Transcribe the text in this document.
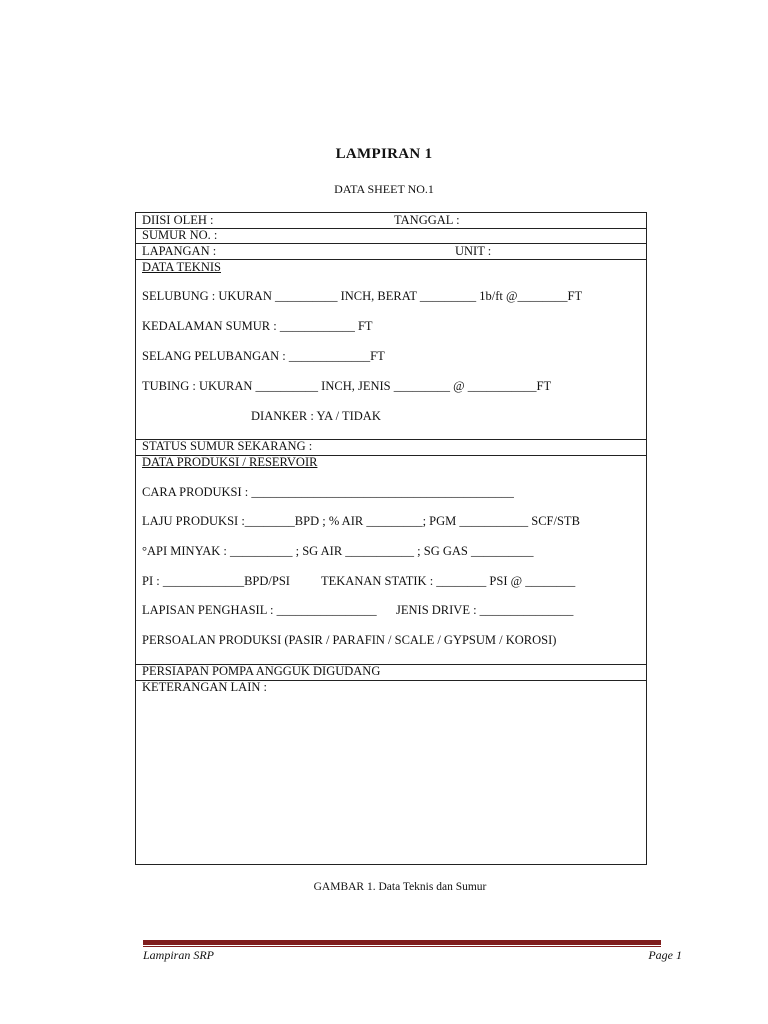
LAMPIRAN 1
DATA SHEET NO.1
DIISI OLEH :	TANGGAL :
SUMUR NO. :
LAPANGAN :	UNIT :
DATA TEKNIS
SELUBUNG : UKURAN __________ INCH, BERAT _________ 1b/ft @________FT
KEDALAMAN SUMUR : ____________ FT
SELANG PELUBANGAN : _____________FT
TUBING : UKURAN __________ INCH, JENIS _________ @ ___________FT
DIANKER : YA / TIDAK
STATUS SUMUR SEKARANG :
DATA PRODUKSI / RESERVOIR
CARA PRODUKSI : __________________________________________
LAJU PRODUKSI :________BPD ; % AIR _________; PGM ___________ SCF/STB
°API MINYAK : __________ ; SG AIR ___________ ; SG GAS __________
PI : _____________BPD/PSI TEKANAN STATIK : ________ PSI @ ________
LAPISAN PENGHASIL : ________________ JENIS DRIVE : _______________
PERSOALAN PRODUKSI (PASIR / PARAFIN / SCALE / GYPSUM / KOROSI)
PERSIAPAN POMPA ANGGUK DIGUDANG
KETERANGAN LAIN :
GAMBAR 1. Data Teknis dan Sumur
Lampiran SRP	Page 1
